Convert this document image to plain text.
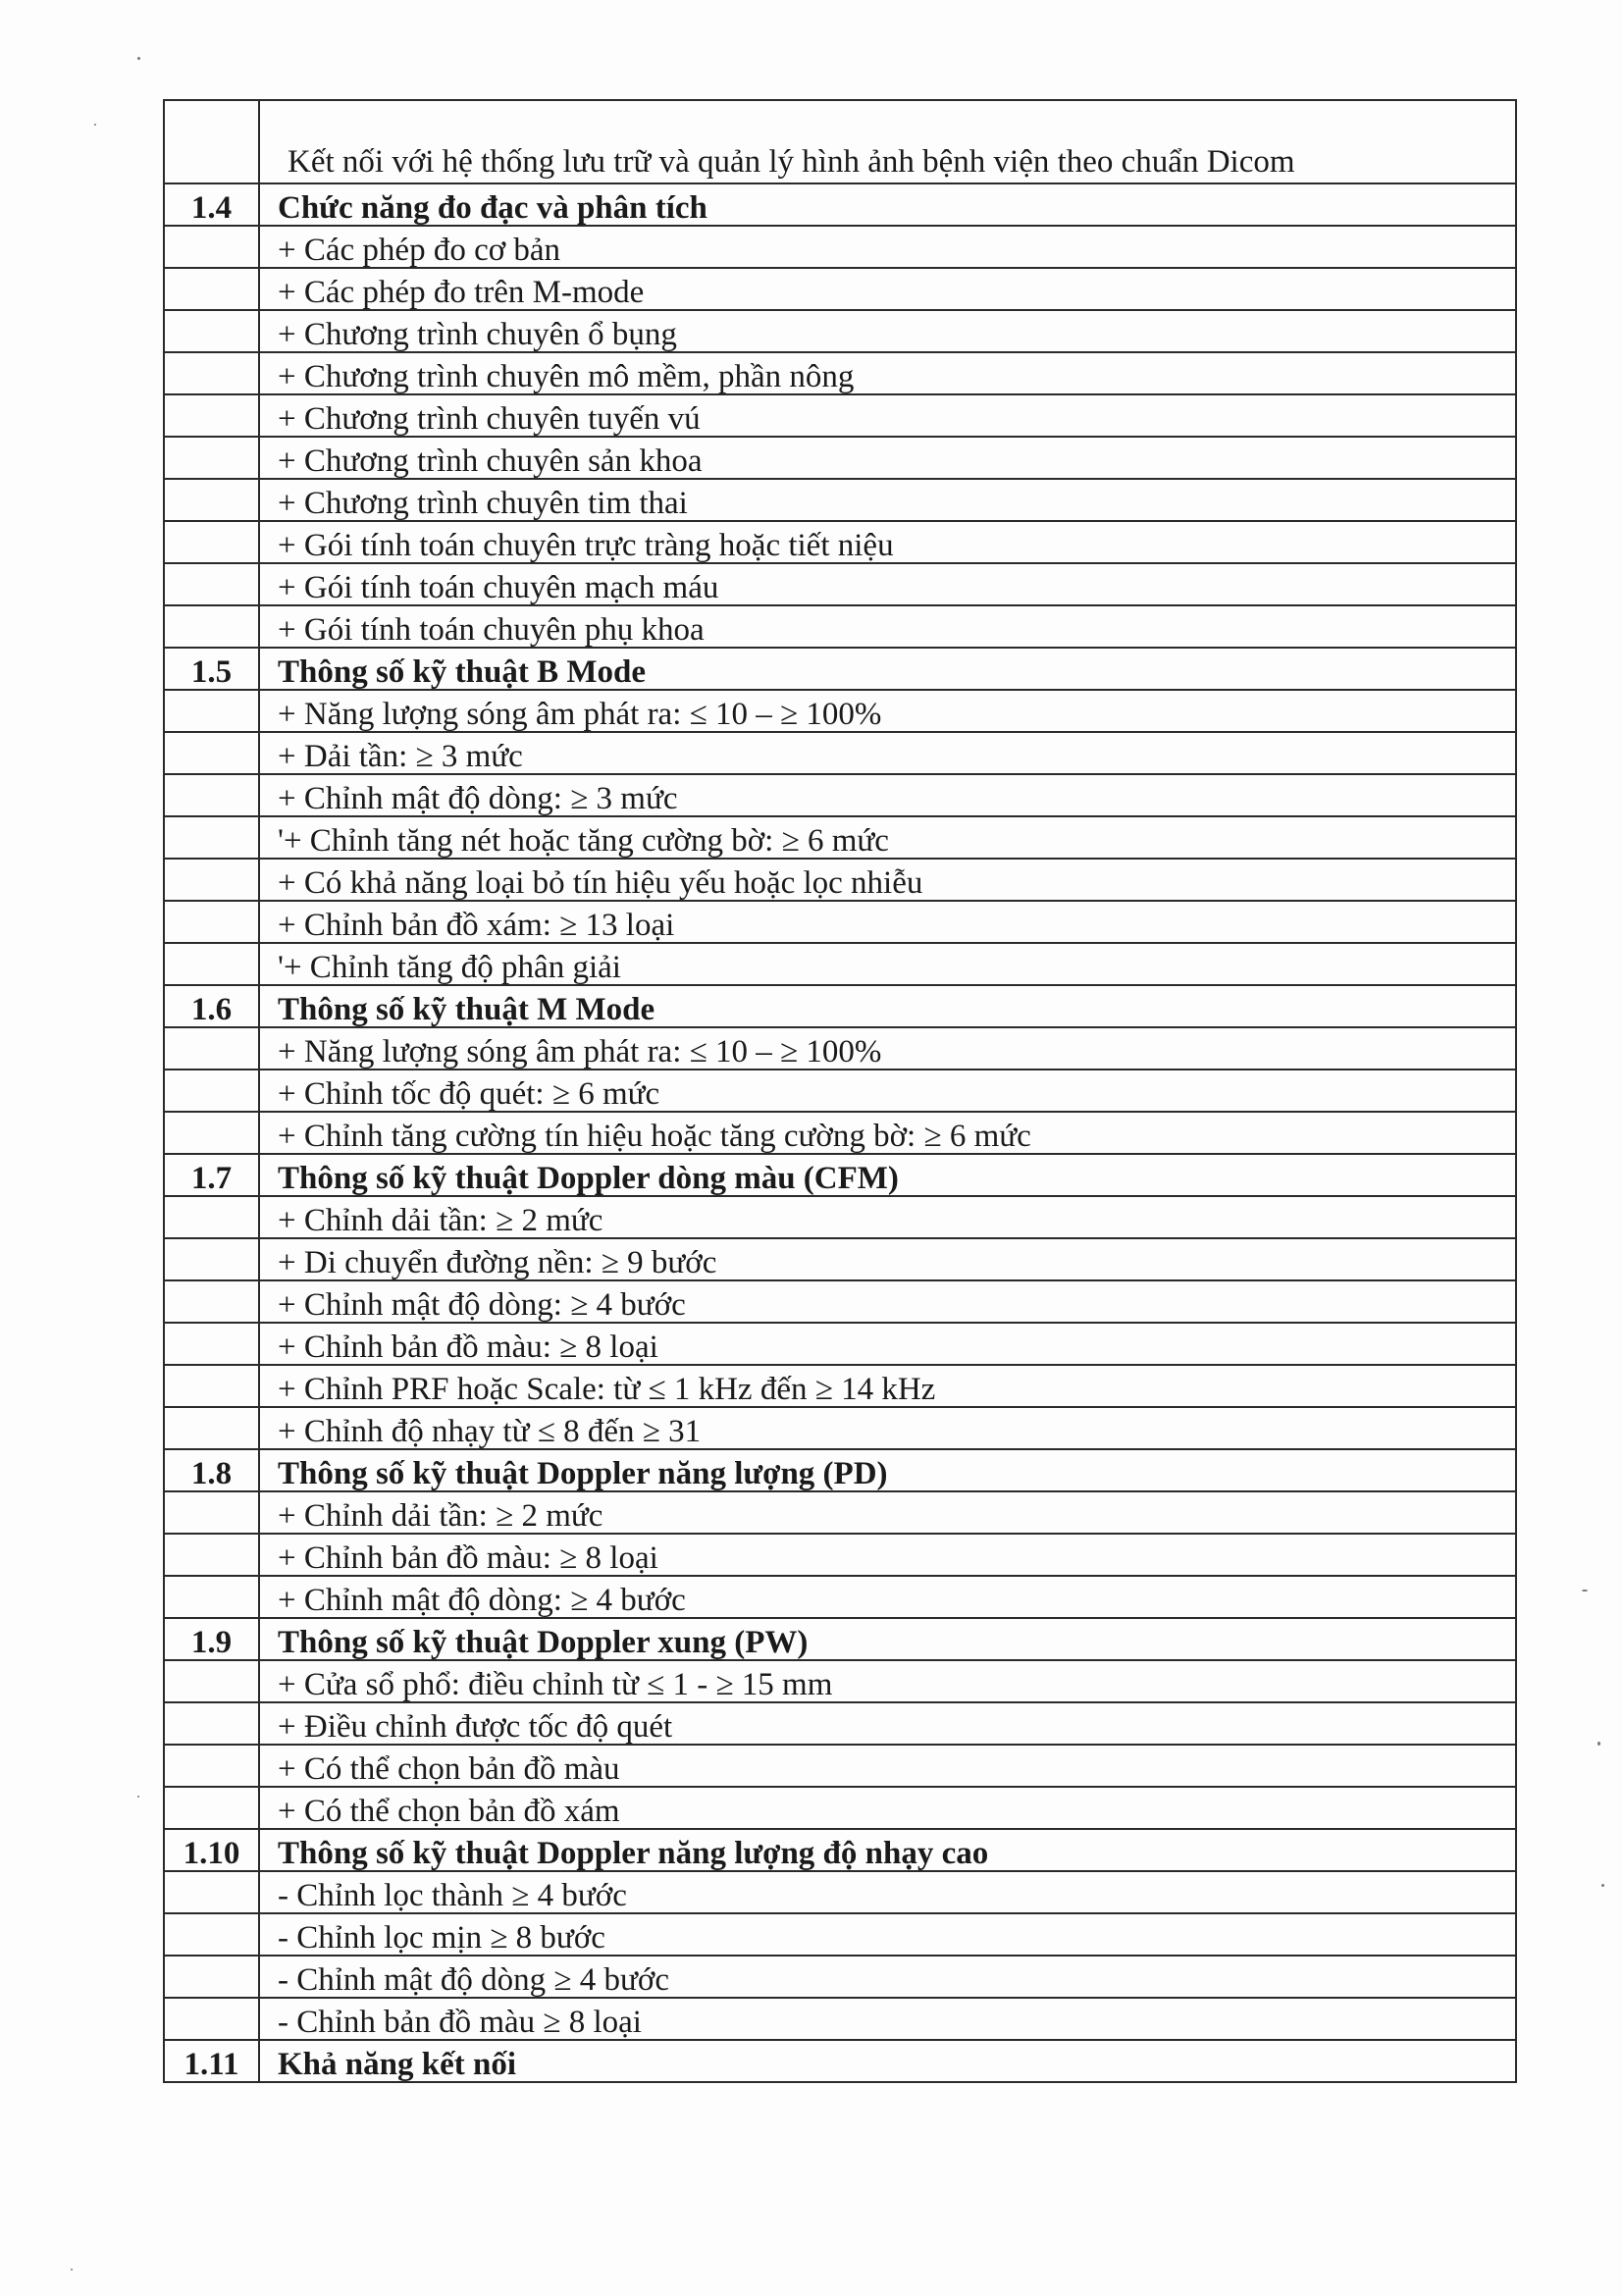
	Kết nối với hệ thống lưu trữ và quản lý hình ảnh bệnh viện theo chuẩn Dicom
1.4	Chức năng đo đạc và phân tích
	+ Các phép đo cơ bản
	+ Các phép đo trên M-mode
	+ Chương trình chuyên ổ bụng
	+ Chương trình chuyên mô mềm, phần nông
	+ Chương trình chuyên tuyến vú
	+ Chương trình chuyên sản khoa
	+ Chương trình chuyên tim thai
	+ Gói tính toán chuyên trực tràng hoặc tiết niệu
	+ Gói tính toán chuyên mạch máu
	+ Gói tính toán chuyên phụ khoa
1.5	Thông số kỹ thuật B Mode
	+ Năng lượng sóng âm phát ra: ≤ 10 – ≥ 100%
	+ Dải tần: ≥ 3 mức
	+ Chỉnh mật độ dòng: ≥ 3 mức
	'+ Chỉnh tăng nét hoặc tăng cường bờ: ≥ 6 mức
	+ Có khả năng loại bỏ tín hiệu yếu hoặc lọc nhiễu
	+ Chỉnh bản đồ xám: ≥ 13 loại
	'+ Chỉnh tăng độ phân giải
1.6	Thông số kỹ thuật M Mode
	+ Năng lượng sóng âm phát ra: ≤ 10 – ≥ 100%
	+ Chỉnh tốc độ quét: ≥ 6 mức
	+ Chỉnh tăng cường tín hiệu hoặc tăng cường bờ: ≥ 6 mức
1.7	Thông số kỹ thuật Doppler dòng màu (CFM)
	+ Chỉnh dải tần: ≥ 2 mức
	+ Di chuyển đường nền: ≥ 9 bước
	+ Chỉnh mật độ dòng: ≥ 4 bước
	+ Chỉnh bản đồ màu: ≥ 8 loại
	+ Chỉnh PRF hoặc Scale: từ ≤ 1 kHz đến ≥ 14 kHz
	+ Chỉnh độ nhạy từ ≤ 8 đến ≥ 31
1.8	Thông số kỹ thuật Doppler năng lượng (PD)
	+ Chỉnh dải tần: ≥ 2 mức
	+ Chỉnh bản đồ màu: ≥ 8 loại
	+ Chỉnh mật độ dòng: ≥ 4 bước
1.9	Thông số kỹ thuật Doppler xung (PW)
	+ Cửa sổ phổ: điều chỉnh từ ≤ 1 - ≥ 15 mm
	+ Điều chỉnh được tốc độ quét
	+ Có thể chọn bản đồ màu
	+ Có thể chọn bản đồ xám
1.10	Thông số kỹ thuật Doppler năng lượng độ nhạy cao
	- Chỉnh lọc thành ≥ 4 bước
	- Chỉnh lọc mịn ≥ 8 bước
	- Chỉnh mật độ dòng ≥ 4 bước
	- Chỉnh bản đồ màu ≥ 8 loại
1.11	Khả năng kết nối
